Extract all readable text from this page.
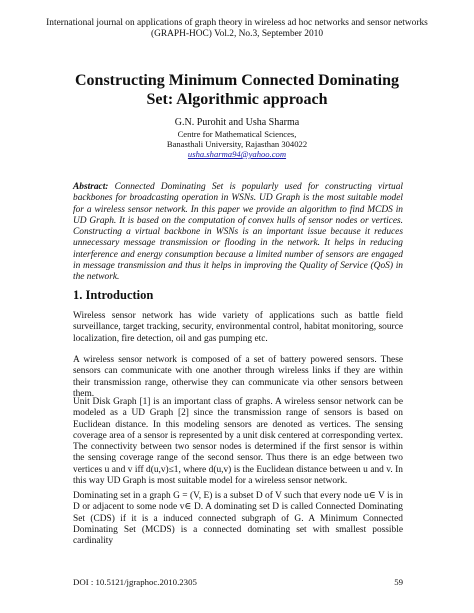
International journal on applications of graph theory in wireless ad hoc networks and sensor networks
(GRAPH-HOC) Vol.2, No.3, September 2010
Constructing Minimum Connected Dominating
Set: Algorithmic approach
G.N. Purohit and Usha Sharma
Centre for Mathematical Sciences,
Banasthali University, Rajasthan 304022
usha.sharma94@yahoo.com
Abstract: Connected Dominating Set is popularly used for constructing virtual backbones for broadcasting operation in WSNs. UD Graph is the most suitable model for a wireless sensor network. In this paper we provide an algorithm to find MCDS in UD Graph. It is based on the computation of convex hulls of sensor nodes or vertices. Constructing a virtual backbone in WSNs is an important issue because it reduces unnecessary message transmission or flooding in the network. It helps in reducing interference and energy consumption because a limited number of sensors are engaged in message transmission and thus it helps in improving the Quality of Service (QoS) in the network.
1. Introduction

Wireless sensor network has wide variety of applications such as battle field surveillance, target tracking, security, environmental control, habitat monitoring, source localization, fire detection, oil and gas pumping etc.

A wireless sensor network is composed of a set of battery powered sensors. These sensors can communicate with one another through wireless links if they are within their transmission range, otherwise they can communicate via other sensors between them.

Unit Disk Graph [1] is an important class of graphs. A wireless sensor network can be modeled as a UD Graph [2] since the transmission range of sensors is based on Euclidean distance. In this modeling sensors are denoted as vertices. The sensing coverage area of a sensor is represented by a unit disk centered at corresponding vertex. The connectivity between two sensor nodes is determined if the first sensor is within the sensing coverage range of the second sensor. Thus there is an edge between two vertices u and v iff d(u,v)≤1, where d(u,v) is the Euclidean distance between u and v. In this way UD Graph is most suitable model for a wireless sensor network.

Dominating set in a graph G = (V, E) is a subset D of V such that every node u∈ V is in D or adjacent to some node v∈ D. A dominating set D is called Connected Dominating Set (CDS) if it is a induced connected subgraph of G. A Minimum Connected Dominating Set (MCDS) is a connected dominating set with smallest possible cardinality

DOI : 10.5121/jgraphoc.2010.2305	59
